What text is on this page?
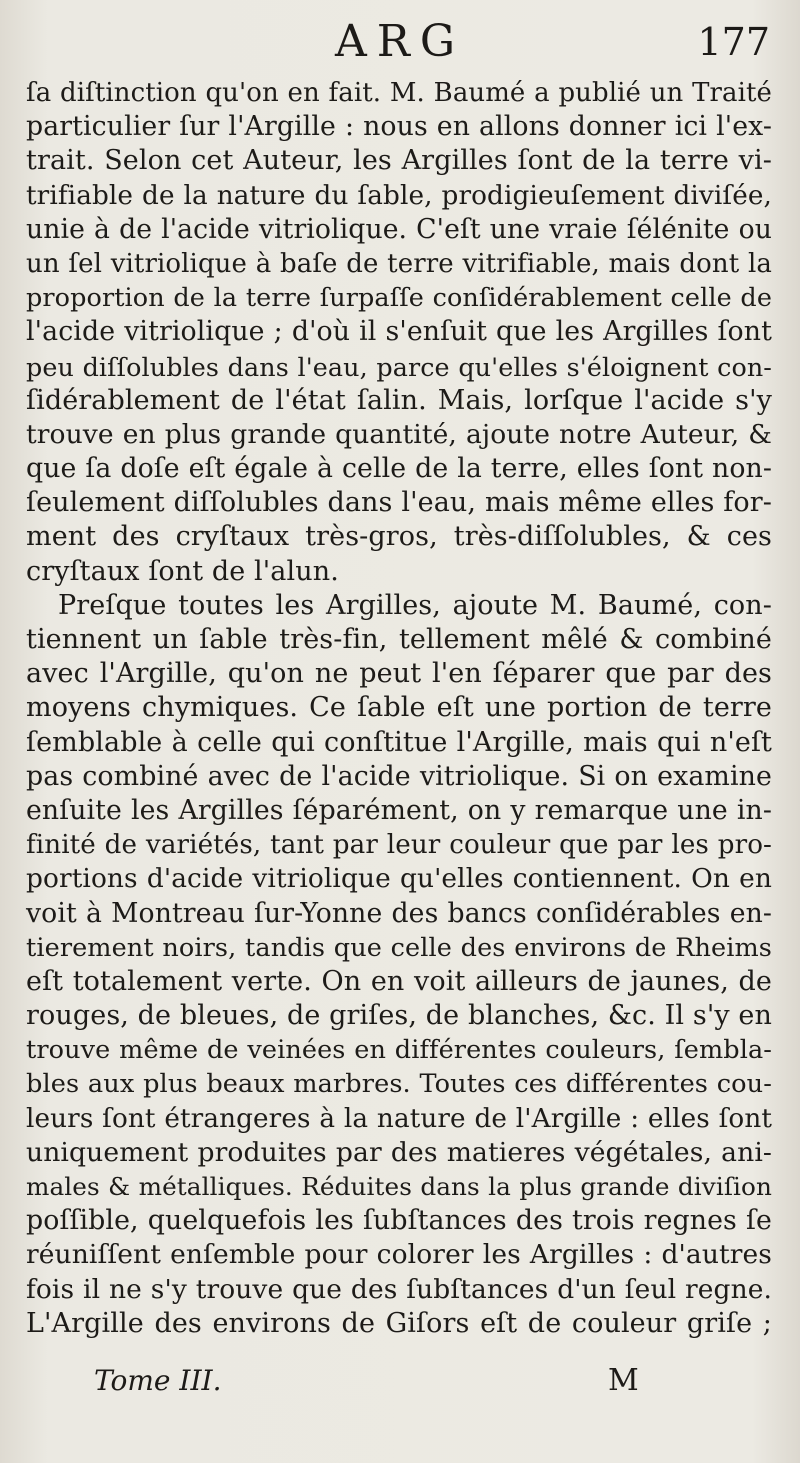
ARG	177
ſa diſtinction qu'on en fait. M. Baumé a publié un Traité
particulier ſur l'Argille : nous en allons donner ici l'ex-
trait. Selon cet Auteur, les Argilles ſont de la terre vi-
trifiable de la nature du ſable, prodigieuſement diviſée,
unie à de l'acide vitriolique. C'eſt une vraie ſélénite ou
un ſel vitriolique à baſe de terre vitrifiable, mais dont la
proportion de la terre ſurpaſſe conſidérablement celle de
l'acide vitriolique ; d'où il s'enſuit que les Argilles ſont
peu diſſolubles dans l'eau, parce qu'elles s'éloignent con-
ſidérablement de l'état ſalin. Mais, lorſque l'acide s'y
trouve en plus grande quantité, ajoute notre Auteur, &
que ſa doſe eſt égale à celle de la terre, elles ſont non-
ſeulement diſſolubles dans l'eau, mais même elles for-
ment des cryſtaux très-gros, très-diſſolubles, & ces
cryſtaux ſont de l'alun.
Preſque toutes les Argilles, ajoute M. Baumé, con-
tiennent un ſable très-fin, tellement mêlé & combiné
avec l'Argille, qu'on ne peut l'en ſéparer que par des
moyens chymiques. Ce ſable eſt une portion de terre
ſemblable à celle qui conſtitue l'Argille, mais qui n'eſt
pas combiné avec de l'acide vitriolique. Si on examine
enſuite les Argilles ſéparément, on y remarque une in-
finité de variétés, tant par leur couleur que par les pro-
portions d'acide vitriolique qu'elles contiennent. On en
voit à Montreau ſur-Yonne des bancs conſidérables en-
tierement noirs, tandis que celle des environs de Rheims
eſt totalement verte. On en voit ailleurs de jaunes, de
rouges, de bleues, de griſes, de blanches, &c. Il s'y en
trouve même de veinées en différentes couleurs, ſembla-
bles aux plus beaux marbres. Toutes ces différentes cou-
leurs ſont étrangeres à la nature de l'Argille : elles ſont
uniquement produites par des matieres végétales, ani-
males & métalliques. Réduites dans la plus grande diviſion
poſſible, quelquefois les ſubſtances des trois regnes ſe
réuniſſent enſemble pour colorer les Argilles : d'autres
fois il ne s'y trouve que des ſubſtances d'un ſeul regne.
L'Argille des environs de Giſors eſt de couleur griſe ;
Tome III.	M
